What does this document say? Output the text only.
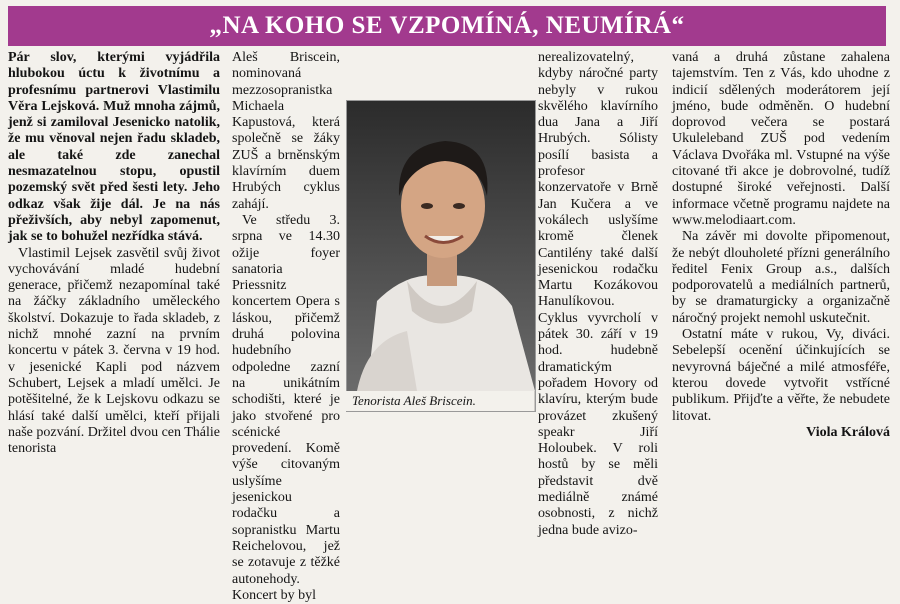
„NA KOHO SE VZPOMÍNÁ, NEUMÍRÁ“

Pár slov, kterými vyjádřila hlubokou úctu k životnímu a profesnímu partnerovi Vlastimilu Věra Lejsková. Muž mnoha zájmů, jenž si zamiloval Jesenicko natolik, že mu věnoval nejen řadu skladeb, ale také zde zanechal nesmazatelnou stopu, opustil pozemský svět před šesti lety. Jeho odkaz však žije dál. Je na nás přeživších, aby nebyl zapomenut, jak se to bohužel nezřídka stává.

Vlastimil Lejsek zasvětil svůj život vychovávání mladé hudební generace, přičemž nezapomínal také na žáčky základního uměleckého školství. Dokazuje to řada skladeb, z nichž mnohé zazní na prvním koncertu v pátek 3. června v 19 hod. v jesenické Kapli pod názvem Schubert, Lejsek a mladí umělci. Je potěšitelné, že k Lejskovu odkazu se hlásí také další umělci, kteří přijali naše pozvání. Držitel dvou cen Thálie tenorista

Aleš Briscein, nominovaná mezzosopranistka Michaela Kapustová, která společně se žáky ZUŠ a brněnským klavírním duem Hrubých cyklus zahájí.

Ve středu 3. srpna ve 14.30 ožije foyer sanatoria Priessnitz koncertem Opera s láskou, přičemž druhá polovina hudebního odpoledne zazní na unikátním schodišti, které je jako stvořené pro scénické provedení. Komě výše citovaným uslyšíme jesenickou rodačku a sopranistku Martu Reichelovou, jež se zotavuje z těžké autonehody. Koncert by byl

nerealizovatelný, kdyby náročné party nebyly v rukou skvělého klavírního dua Jana a Jiří Hrubých. Sólisty posílí basista a profesor konzervatoře v Brně Jan Kučera a ve vokálech uslyšíme kromě členek Cantilény také další jesenickou rodačku Martu Kozákovou Hanulíkovou.

Cyklus vyvrcholí v pátek 30. září v 19 hod. hudebně dramatickým pořadem Hovory od klavíru, kterým bude provázet zkušený speakr Jiří Holoubek. V roli hostů by se měli představit dvě mediálně známé osobnosti, z nichž jedna bude avizo-

vaná a druhá zůstane zahalena tajemstvím. Ten z Vás, kdo uhodne z indicií sdělených moderátorem její jméno, bude odměněn. O hudební doprovod večera se postará Ukuleleband ZUŠ pod vedením Václava Dvořáka ml. Vstupné na výše citované tři akce je dobrovolné, tudíž dostupné široké veřejnosti. Další informace včetně programu najdete na www.melodiaart.com.

Na závěr mi dovolte připomenout, že nebýt dlouholeté přízni generálního ředitel Fenix Group a.s., dalších podporovatelů a mediálních partnerů, by se dramaturgicky a organizačně náročný projekt nemohl uskutečnit.

Ostatní máte v rukou, Vy, diváci. Sebelepší ocenění účinkujících se nevyrovná báječné a milé atmosféře, kterou dovede vytvořit vstřícné publikum. Přijďte a věřte, že nebudete litovat.

Viola Králová

Tenorista Aleš Briscein.
